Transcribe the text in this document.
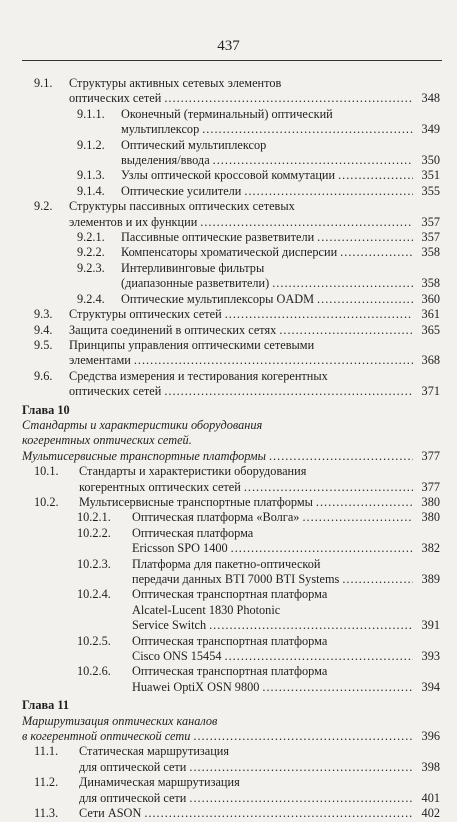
437
9.1.	Структуры активных сетевых элементов
оптических сетей .....	348
9.1.1.	Оконечный (терминальный) оптический
мультиплексор .....	349
9.1.2.	Оптический мультиплексор
выделения/ввода .....	350
9.1.3.	Узлы оптической кроссовой коммутации .....	351
9.1.4.	Оптические усилители .....	355
9.2.	Структуры пассивных оптических сетевых
элементов и их функции .....	357
9.2.1.	Пассивные оптические разветвители .....	357
9.2.2.	Компенсаторы хроматической дисперсии .....	358
9.2.3.	Интерливинговые фильтры
(диапазонные разветвители) .....	358
9.2.4.	Оптические мультиплексоры OADM .....	360
9.3.	Структуры оптических сетей .....	361
9.4.	Защита соединений в оптических сетях .....	365
9.5.	Принципы управления оптическими сетевыми
элементами .....	368
9.6.	Средства измерения и тестирования когерентных
оптических сетей .....	371
Глава 10
Стандарты и характеристики оборудования
когерентных оптических сетей.
Мультисервисные транспортные платформы .....	377
10.1.	Стандарты и характеристики оборудования
когерентных оптических сетей .....	377
10.2.	Мультисервисные транспортные платформы .....	380
10.2.1.	Оптическая платформа «Волга» .....	380
10.2.2.	Оптическая платформа
Ericsson SPO 1400 .....	382
10.2.3.	Платформа для пакетно-оптической
передачи данных BTI 7000 BTI Systems .....	389
10.2.4.	Оптическая транспортная платформа
Alcatel-Lucent 1830 Photonic
Service Switch .....	391
10.2.5.	Оптическая транспортная платформа
Cisco ONS 15454 .....	393
10.2.6.	Оптическая транспортная платформа
Huawei OptiX OSN 9800 .....	394
Глава 11
Маршрутизация оптических каналов
в когерентной оптической сети .....	396
11.1.	Статическая маршрутизация
для оптической сети .....	398
11.2.	Динамическая маршрутизация
для оптической сети .....	401
11.3.	Сети ASON .....	402
